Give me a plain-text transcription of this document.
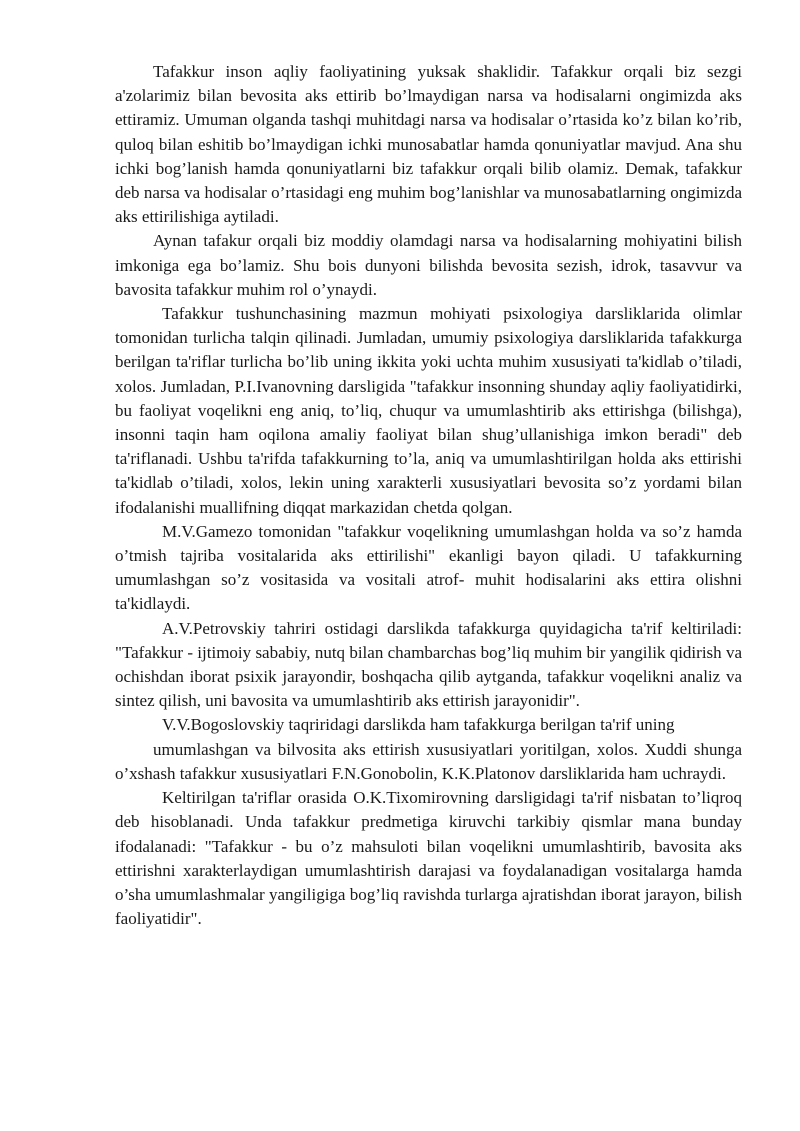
Tafakkur inson aqliy faoliyatining yuksak shaklidir. Tafakkur orqali biz sezgi a'zolarimiz bilan bevosita aks ettirib bo’lmaydigan narsa va hodisalarni ongimizda aks ettiramiz. Umuman olganda tashqi muhitdagi narsa va hodisalar o’rtasida ko’z bilan ko’rib, quloq bilan eshitib bo’lmaydigan ichki munosabatlar hamda qonuniyatlar mavjud. Ana shu ichki bog’lanish hamda qonuniyatlarni biz tafakkur orqali bilib olamiz. Demak, tafakkur deb narsa va hodisalar o’rtasidagi eng muhim bog’lanishlar va munosabatlarning ongimizda aks ettirilishiga aytiladi.

Aynan tafakur orqali biz moddiy olamdagi narsa va hodisalarning mohiyatini bilish imkoniga ega bo’lamiz. Shu bois dunyoni bilishda bevosita sezish, idrok, tasavvur va bavosita tafakkur muhim rol o’ynaydi.

Tafakkur tushunchasining mazmun mohiyati psixologiya darsliklarida olimlar tomonidan turlicha talqin qilinadi. Jumladan, umumiy psixologiya darsliklarida tafakkurga berilgan ta'riflar turlicha bo’lib uning ikkita yoki uchta muhim xususiyati ta'kidlab o’tiladi, xolos. Jumladan, P.I.Ivanovning darsligida "tafakkur insonning shunday aqliy faoliyatidirki, bu faoliyat voqelikni eng aniq, to’liq, chuqur va umumlashtirib aks ettirishga (bilishga), insonni taqin ham oqilona amaliy faoliyat bilan shug’ullanishiga imkon beradi" deb ta'riflanadi. Ushbu ta'rifda tafakkurning to’la, aniq va umumlashtirilgan holda aks ettirishi ta'kidlab o’tiladi, xolos, lekin uning xarakterli xususiyatlari bevosita so’z yordami bilan ifodalanishi muallifning diqqat markazidan chetda qolgan.

M.V.Gamezo tomonidan "tafakkur voqelikning umumlashgan holda va so’z hamda o’tmish tajriba vositalarida aks ettirilishi" ekanligi bayon qiladi. U tafakkurning umumlashgan so’z vositasida va vositali atrof- muhit hodisalarini aks ettira olishni ta'kidlaydi.

A.V.Petrovskiy tahriri ostidagi darslikda tafakkurga quyidagicha ta'rif keltiriladi: "Tafakkur - ijtimoiy sababiy, nutq bilan chambarchas bog’liq muhim bir yangilik qidirish va ochishdan iborat psixik jarayondir, boshqacha qilib aytganda, tafakkur voqelikni analiz va sintez qilish, uni bavosita va umumlashtirib aks ettirish jarayonidir".

V.V.Bogoslovskiy taqriridagi darslikda ham tafakkurga berilgan ta'rif uning

umumlashgan va bilvosita aks ettirish xususiyatlari yoritilgan, xolos. Xuddi shunga o’xshash tafakkur xususiyatlari F.N.Gonobolin, K.K.Platonov darsliklarida ham uchraydi.

Keltirilgan ta'riflar orasida O.K.Tixomirovning darsligidagi ta'rif nisbatan to’liqroq deb hisoblanadi. Unda tafakkur predmetiga kiruvchi tarkibiy qismlar mana bunday ifodalanadi: "Tafakkur - bu o’z mahsuloti bilan voqelikni umumlashtirib, bavosita aks ettirishni xarakterlaydigan umumlashtirish darajasi va foydalanadigan vositalarga hamda o’sha umumlashmalar yangiligiga bog’liq ravishda turlarga ajratishdan iborat jarayon, bilish faoliyatidir".
